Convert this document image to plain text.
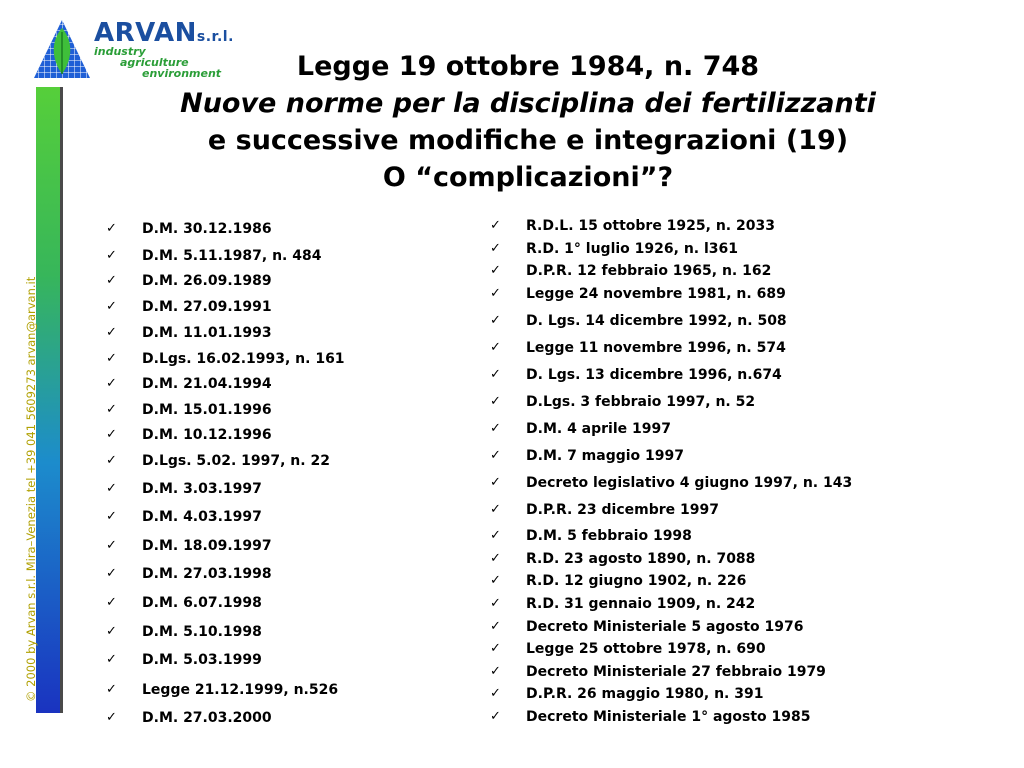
ARVANs.r.l.
industry
agriculture
environment
© 2000 by Arvan s.r.l. Mira–Venezia tel +39 041 5609273 arvan@arvan.it
Legge 19 ottobre 1984, n. 748
Nuove norme per la disciplina dei fertilizzanti
e successive modifiche e integrazioni (19)
O “complicazioni”?
✓ D.M. 30.12.1986
✓ D.M. 5.11.1987, n. 484
✓ D.M. 26.09.1989
✓ D.M. 27.09.1991
✓ D.M. 11.01.1993
✓ D.Lgs. 16.02.1993, n. 161
✓ D.M. 21.04.1994
✓ D.M. 15.01.1996
✓ D.M. 10.12.1996
✓ D.Lgs. 5.02. 1997, n. 22
✓ D.M. 3.03.1997
✓ D.M. 4.03.1997
✓ D.M. 18.09.1997
✓ D.M. 27.03.1998
✓ D.M. 6.07.1998
✓ D.M. 5.10.1998
✓ D.M. 5.03.1999
✓ Legge 21.12.1999, n.526
✓ D.M. 27.03.2000
✓ R.D.L. 15 ottobre 1925, n. 2033
✓ R.D. 1° luglio 1926, n. l361
✓ D.P.R. 12 febbraio 1965, n. 162
✓ Legge 24 novembre 1981, n. 689
✓ D. Lgs. 14 dicembre 1992, n. 508
✓ Legge 11 novembre 1996, n. 574
✓ D. Lgs. 13 dicembre 1996, n.674
✓ D.Lgs. 3 febbraio 1997, n. 52
✓ D.M. 4 aprile 1997
✓ D.M. 7 maggio 1997
✓ Decreto legislativo 4 giugno 1997, n. 143
✓ D.P.R. 23 dicembre 1997
✓ D.M. 5 febbraio 1998
✓ R.D. 23 agosto 1890, n. 7088
✓ R.D. 12 giugno 1902, n. 226
✓ R.D. 31 gennaio 1909, n. 242
✓ Decreto Ministeriale 5 agosto 1976
✓ Legge 25 ottobre 1978, n. 690
✓ Decreto Ministeriale 27 febbraio 1979
✓ D.P.R. 26 maggio 1980, n. 391
✓ Decreto Ministeriale 1° agosto 1985
